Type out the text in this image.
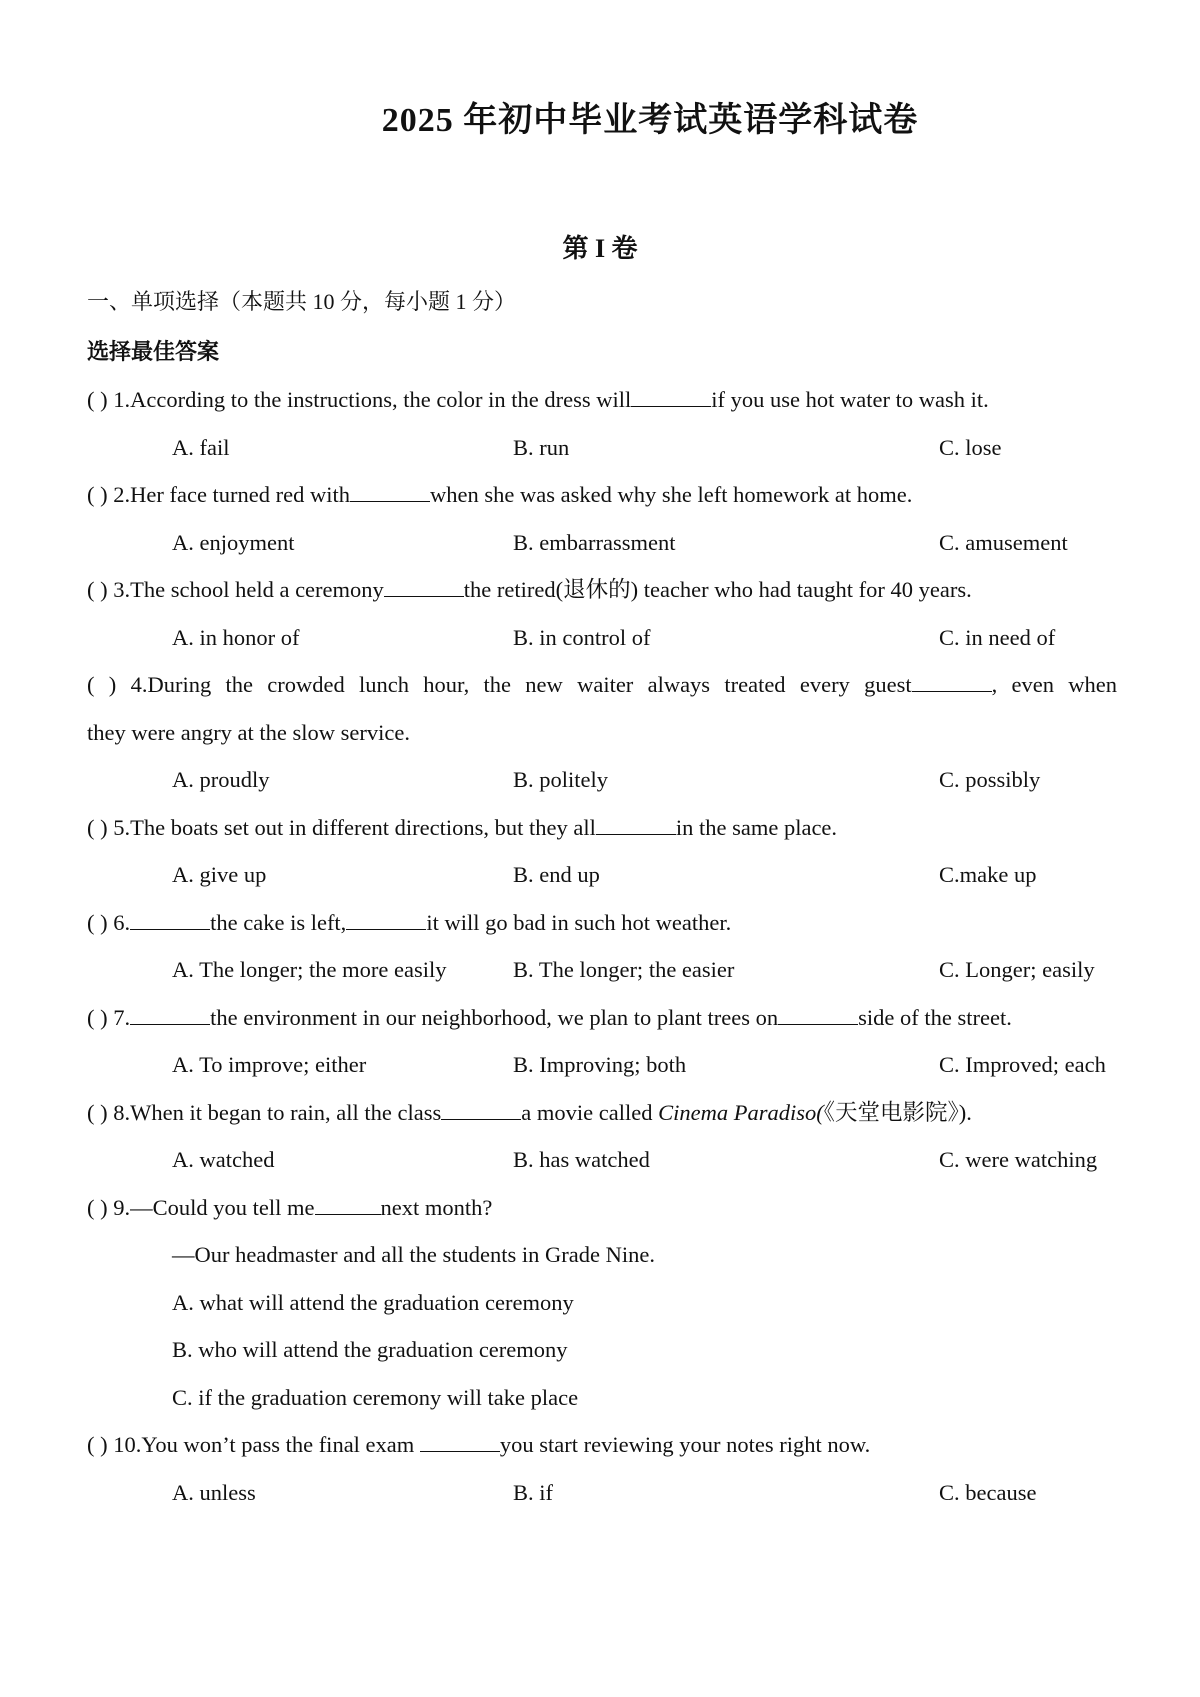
2025 年初中毕业考试英语学科试卷
第 I 卷
一、单项选择（本题共 10 分，每小题 1 分）
选择最佳答案
( ) 1.According to the instructions, the color in the dress will	if you use hot water to wash it.
A. fail	B. run	C. lose
( ) 2.Her face turned red with	when she was asked why she left homework at home.
A. enjoyment	B. embarrassment	C. amusement
( ) 3.The school held a ceremony	the retired(退休的) teacher who had taught for 40 years.
A. in honor of	B. in control of	C. in need of
( ) 4.During the crowded lunch hour, the new waiter always treated every guest	, even when
they were angry at the slow service.
A. proudly	B. politely	C. possibly
( ) 5.The boats set out in different directions, but they all	in the same place.
A. give up	B. end up	C.make up
( ) 6.	the cake is left,	it will go bad in such hot weather.
A. The longer; the more easily	B. The longer; the easier	C. Longer; easily
( ) 7.	the environment in our neighborhood, we plan to plant trees on	side of the street.
A. To improve; either	B. Improving; both	C. Improved; each
( ) 8.When it began to rain, all the class	a movie called Cinema Paradiso(《天堂电影院》).
A. watched	B. has watched	C. were watching
( ) 9.—Could you tell me	next month?
—Our headmaster and all the students in Grade Nine.
A. what will attend the graduation ceremony
B. who will attend the graduation ceremony
C. if the graduation ceremony will take place
( ) 10.You won’t pass the final exam	you start reviewing your notes right now.
A. unless	B. if	C. because
